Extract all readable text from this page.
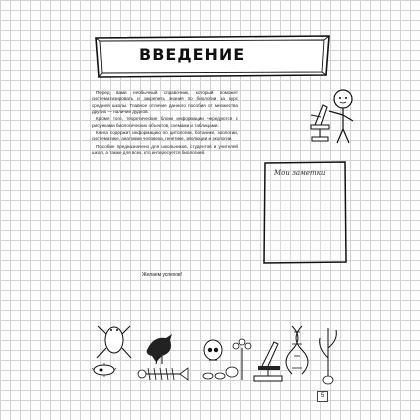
ВВЕДЕНИЕ

Перед вами необычный справочник, который поможет систематизировать и закрепить знания по биологии за курс средней школы. Главное отличие данного пособия от множества других — наличие дудлов.

Кроме того, теоретические блоки информации чередуются с рисунками биологических объектов, схемами и таблицами.

Книга содержит информацию по цитологии, ботанике, зоологии, систематике, анатомии человека, генетике, эволюции и экологии.

Пособие предназначено для школьников, студентов и учителей школ, а также для всех, кто интересуется биологией.

Желаем успехов!
Мои заметки
5
